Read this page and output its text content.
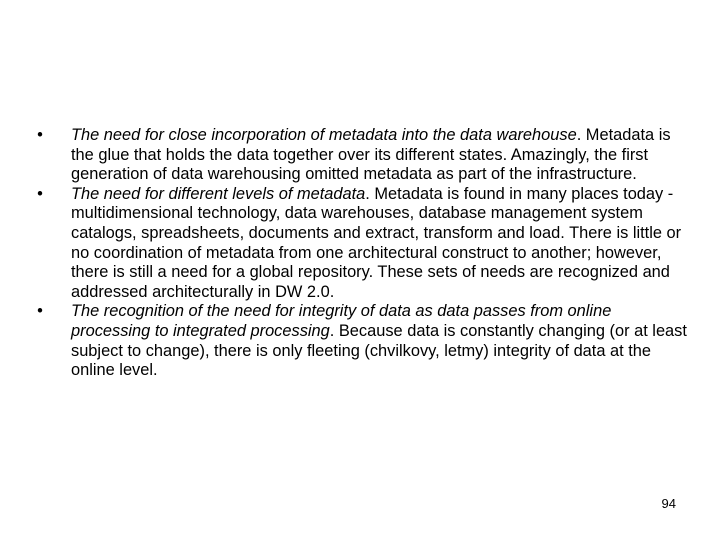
•	The need for close incorporation of metadata into the data warehouse. Metadata is the glue that holds the data together over its different states. Amazingly, the first generation of data warehousing omitted metadata as part of the infrastructure.
•	The need for different levels of metadata. Metadata is found in many places today - multidimensional technology, data warehouses, database management system catalogs, spreadsheets, documents and extract, transform and load. There is little or no coordination of metadata from one architectural construct to another; however, there is still a need for a global repository. These sets of needs are recognized and addressed architecturally in DW 2.0.
•	The recognition of the need for integrity of data as data passes from online processing to integrated processing. Because data is constantly changing (or at least subject to change), there is only fleeting (chvilkovy, letmy) integrity of data at the online level.
94
